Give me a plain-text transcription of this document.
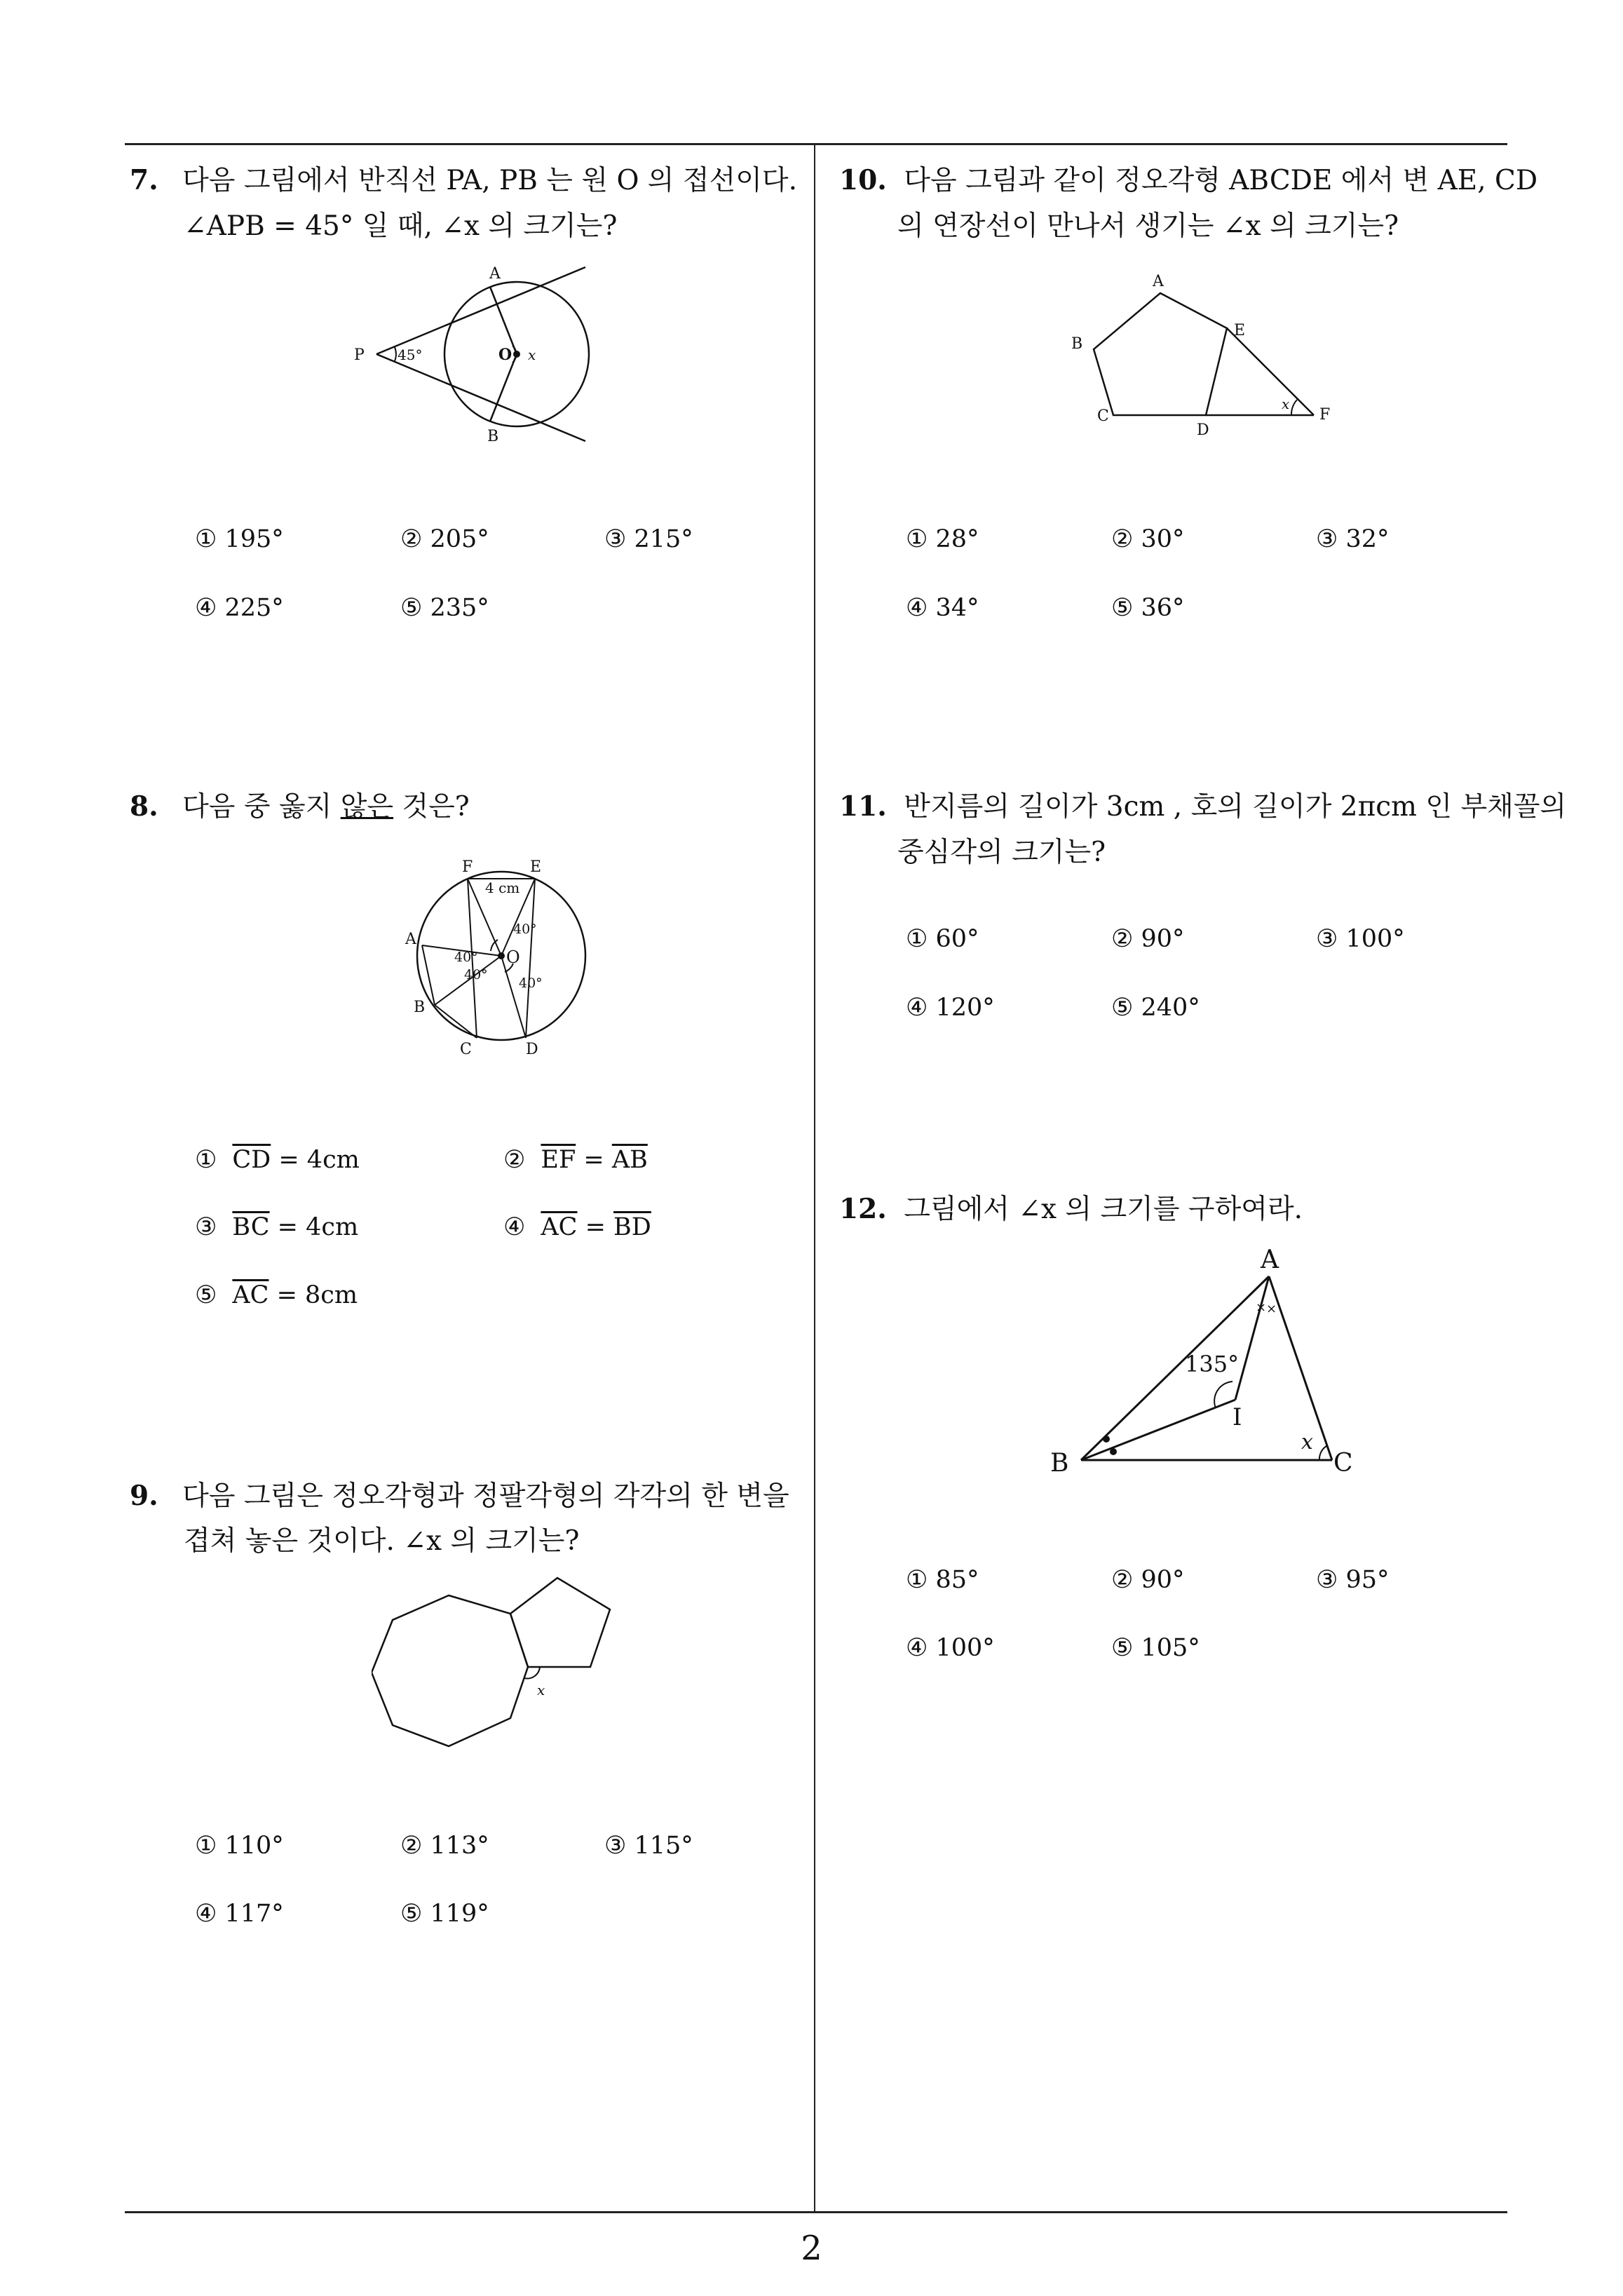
7. 다음 그림에서 반직선 PA, PB 는 원 O 의 접선이다.
∠APB = 45° 일 때, ∠x 의 크기는?
A
B
P	O
45°	x
① 195°	② 205°	③ 215°
④ 225°	⑤ 235°
8. 다음 중 옳지 않은 것은?
F	E
A
B
C	D
O
4 cm
40°
40°
40°
40°
① $\overline{CD} = 4cm$	② $\overline{EF} = \overline{AB}$
③ $\overline{BC} = 4cm$	④ $\overline{AC} = \overline{BD}$
⑤ $\overline{AC} = 8cm$
9. 다음 그림은 정오각형과 정팔각형의 각각의 한 변을
겹쳐 놓은 것이다. ∠x 의 크기는?
x
① 110°	② 113°	③ 115°
④ 117°	⑤ 119°
10. 다음 그림과 같이 정오각형 ABCDE 에서 변 AE, CD
의 연장선이 만나서 생기는 ∠x 의 크기는?
A
B
C
D
E
F
x
① 28°	② 30°	③ 32°
④ 34°	⑤ 36°
11. 반지름의 길이가 3cm , 호의 길이가 2πcm 인 부채꼴의
중심각의 크기는?
① 60°	② 90°	③ 100°
④ 120°	⑤ 240°
12. 그림에서 ∠x 의 크기를 구하여라.
× ×
A
B	C
I
135°
x
① 85°	② 90°	③ 95°
④ 100°	⑤ 105°
2
